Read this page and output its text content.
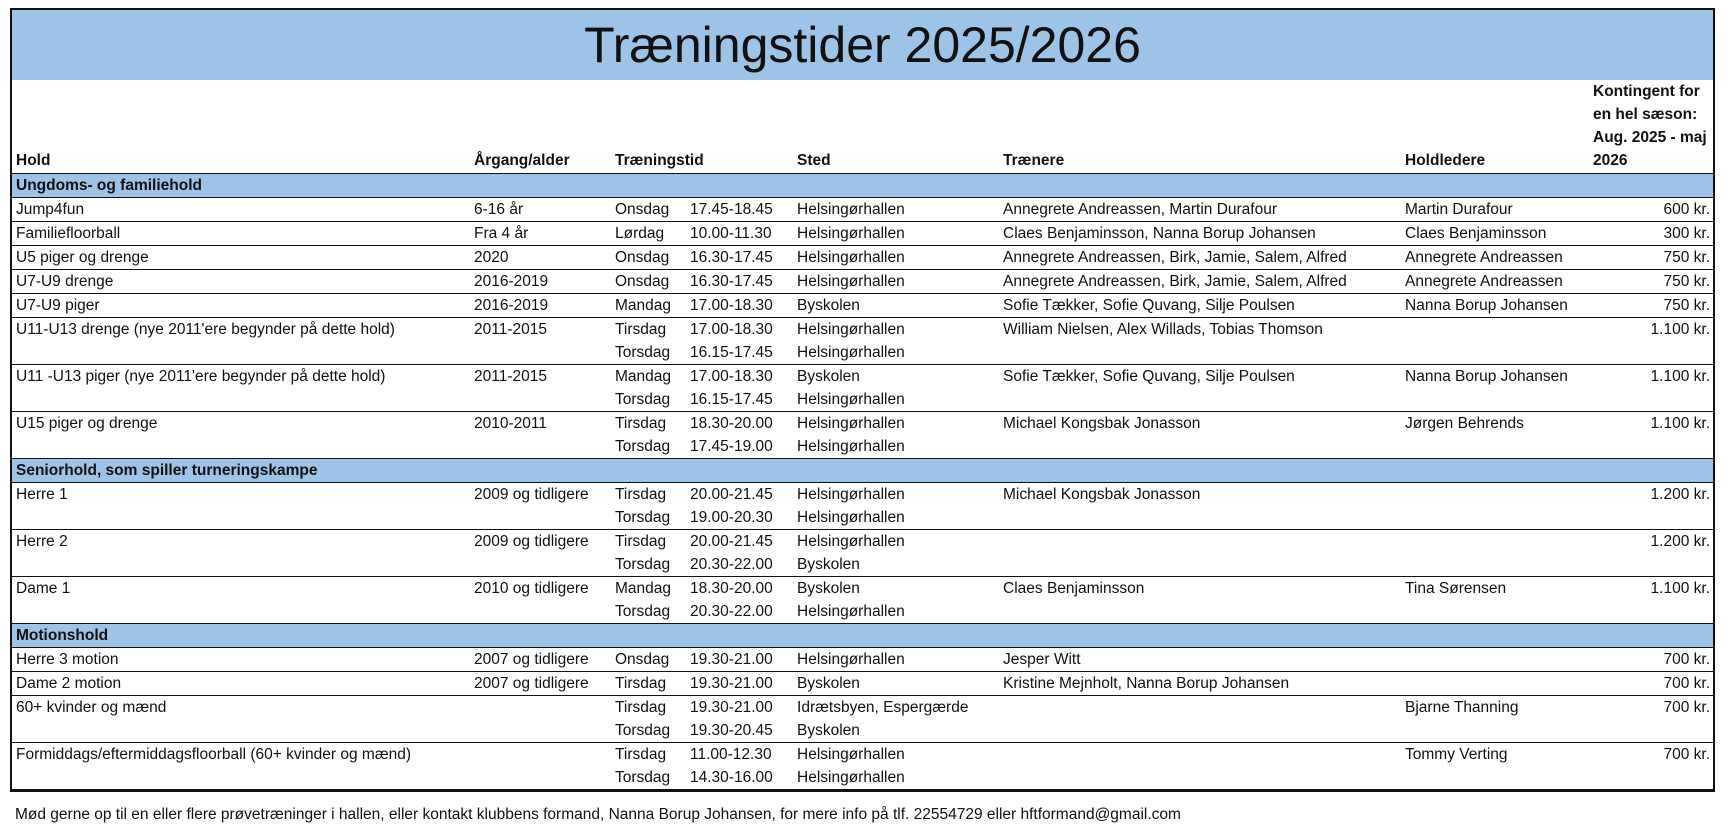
Træningstider 2025/2026
Hold	Årgang/alder	Træningstid		Sted	Trænere	Holdledere	Kontingent for en hel sæson: Aug. 2025 - maj 2026
Ungdoms- og familiehold							
Jump4fun	6-16 år	Onsdag	17.45-18.45	Helsingørhallen	Annegrete Andreassen, Martin Durafour	Martin Durafour	600 kr.
Familiefloorball	Fra 4 år	Lørdag	10.00-11.30	Helsingørhallen	Claes Benjaminsson, Nanna Borup Johansen	Claes Benjaminsson	300 kr.
U5 piger og drenge	2020	Onsdag	16.30-17.45	Helsingørhallen	Annegrete Andreassen, Birk, Jamie, Salem, Alfred	Annegrete Andreassen	750 kr.
U7-U9 drenge	2016-2019	Onsdag	16.30-17.45	Helsingørhallen	Annegrete Andreassen, Birk, Jamie, Salem, Alfred	Annegrete Andreassen	750 kr.
U7-U9 piger	2016-2019	Mandag	17.00-18.30	Byskolen	Sofie Tække‍r, Sofie Quvang, Silje Poulsen	Nanna Borup Johansen	750 kr.
U11-U13 drenge (nye 2011'ere begynder på dette hold)	2011-2015	Tirsdag	17.00-18.30	Helsingørhallen	William Nielsen, Alex Willads, Tobias Thomson		1.100 kr.
		Torsdag	16.15-17.45	Helsingørhallen			
U11 -U13 piger (nye 2011'ere begynder på dette hold)	2011-2015	Mandag	17.00-18.30	Byskolen	Sofie Tækker, Sofie Quvang, Silje Poulsen	Nanna Borup Johansen	1.100 kr.
		Torsdag	16.15-17.45	Helsingørhallen			
U15 piger og drenge	2010-2011	Tirsdag	18.30-20.00	Helsingørhallen	Michael Kongsbak Jonasson	Jørgen Behrends	1.100 kr.
		Torsdag	17.45-19.00	Helsingørhallen			
Seniorhold, som spiller turneringskampe							
Herre 1	2009 og tidligere	Tirsdag	20.00-21.45	Helsingørhallen	Michael Kongsbak Jonasson		1.200 kr.
		Torsdag	19.00-20.30	Helsingørhallen			
Herre 2	2009 og tidligere	Tirsdag	20.00-21.45	Helsingørhallen			1.200 kr.
		Torsdag	20.30-22.00	Byskolen			
Dame 1	2010 og tidligere	Mandag	18.30-20.00	Byskolen	Claes Benjaminsson	Tina Sørensen	1.100 kr.
		Torsdag	20.30-22.00	Helsingørhallen			
Motionshold							
Herre 3 motion	2007 og tidligere	Onsdag	19.30-21.00	Helsingørhallen	Jesper Witt		700 kr.
Dame 2 motion	2007 og tidligere	Tirsdag	19.30-21.00	Byskolen	Kristine Mejnholt, Nanna Borup Johansen		700 kr.
60+ kvinder og mænd		Tirsdag	19.30-21.00	Idrætsbyen, Espergærde		Bjarne Thanning	700 kr.
		Torsdag	19.30-20.45	Byskolen			
Formiddags/eftermiddagsfloorball (60+ kvinder og mænd)		Tirsdag	11.00-12.30	Helsingørhallen		Tommy Verting	700 kr.
		Torsdag	14.30-16.00	Helsingørhallen			
Mød gerne op til en eller flere prøvetræninger i hallen, eller kontakt klubbens formand, Nanna Borup Johansen, for mere info på tlf. 22554729 eller hftformand@gmail.com
